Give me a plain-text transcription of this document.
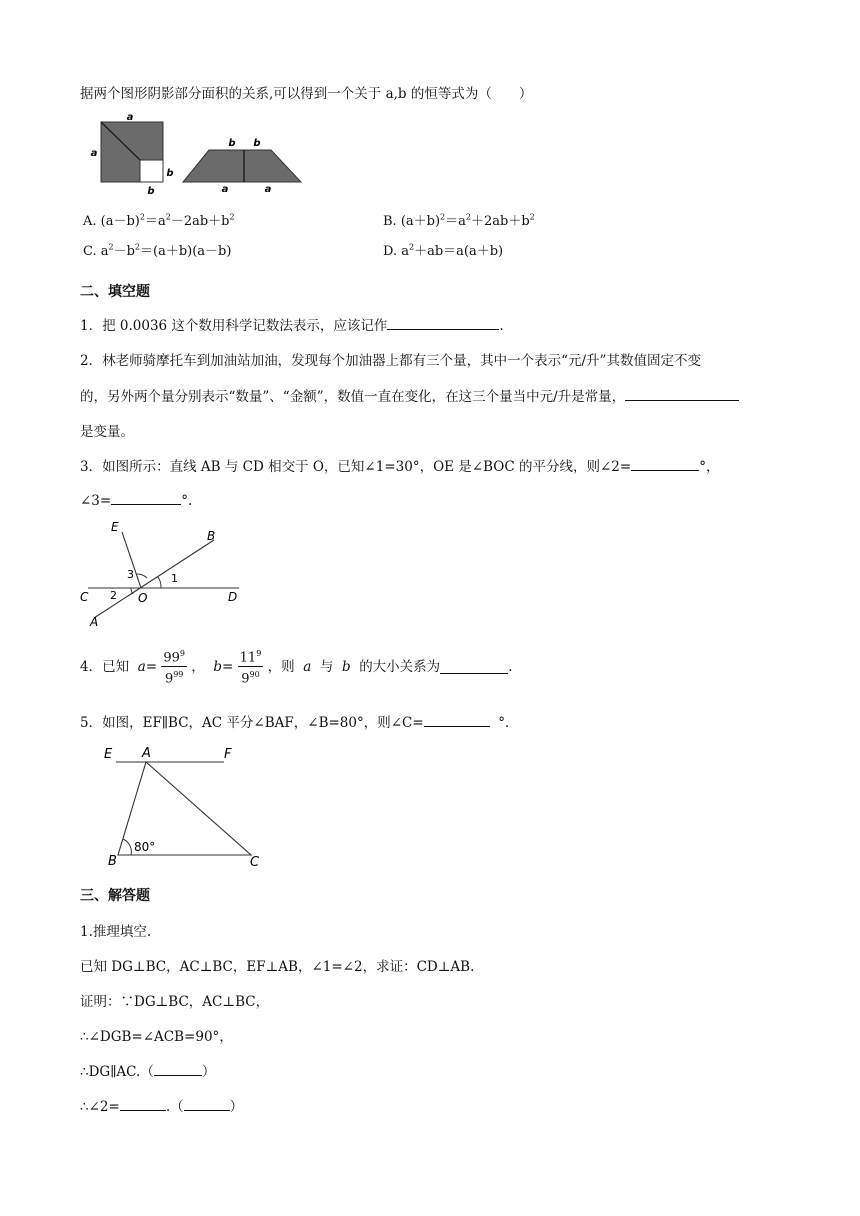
据两个图形阴影部分面积的关系,可以得到一个关于 a,b 的恒等式为（　　）
a
a
b
b
b b
a	a
A. $(a-b)^2=a^2-2ab+b^2$	B. $(a+b)^2=a^2+2ab+b^2$
C. $a^2-b^2=(a+b)(a-b)$	D. $a^2+ab=a(a+b)$
二、填空题
1．把 0.0036 这个数用科学记数法表示，应该记作	.
2．林老师骑摩托车到加油站加油，发现每个加油器上都有三个量，其中一个表示“元/升”其数值固定不变
的，另外两个量分别表示“数量”、“金额”，数值一直在变化，在这三个量当中元/升是常量，
是变量。
3．如图所示：直线 AB 与 CD 相交于 O，已知∠1=30°，OE 是∠BOC 的平分线，则∠2=	°，
∠3=	°.
E
B
C	D
O
A
1
2
3
4．已知 $a= \frac{99^9}{9^{99}}$ ， $b= \frac{11^9}{9^{90}}$ ，则 a 与 b 的大小关系为	.
5．如图，EF∥BC，AC 平分∠BAF，∠B=80°，则∠C=	°．
E A	F
B	C
80°
三、解答题
1.推理填空.
已知 DG⊥BC，AC⊥BC，EF⊥AB，∠1=∠2，求证：CD⊥AB.
证明：∵DG⊥BC，AC⊥BC，
∴∠DGB=∠ACB=90°，
∴DG∥AC.（	）
∴∠2=	.（	）
